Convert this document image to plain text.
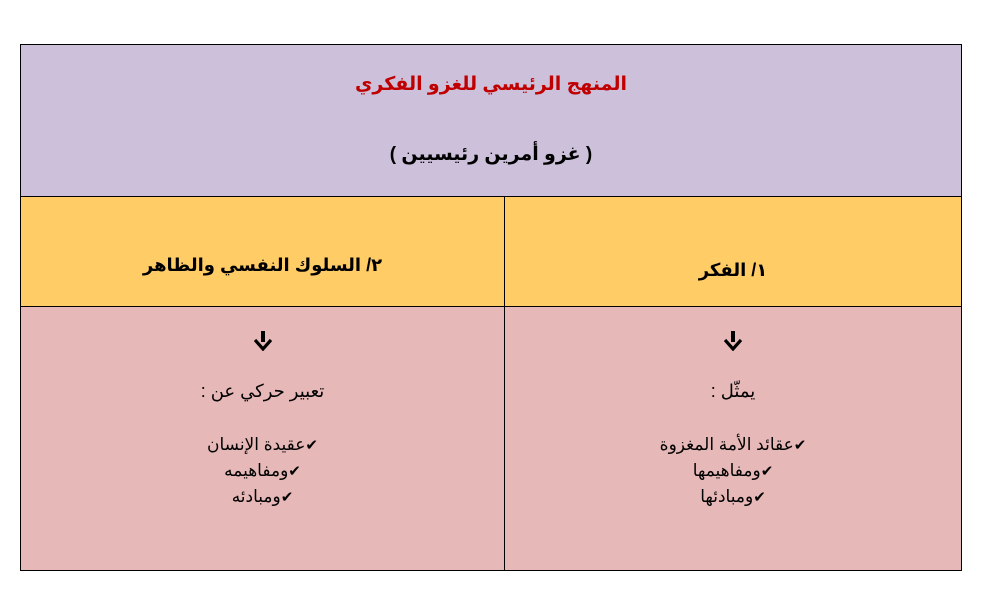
المنهج الرئيسي للغزو الفكري
( غزو أمرين رئيسيين )
١/ الفكر
يمثّل :
✔عقائد الأمة المغزوة
✔ومفاهيمها
✔ومبادئها
٢/ السلوك النفسي والظاهر
تعبير حركي عن :
✔عقيدة الإنسان
✔ومفاهيمه
✔ومبادئه
